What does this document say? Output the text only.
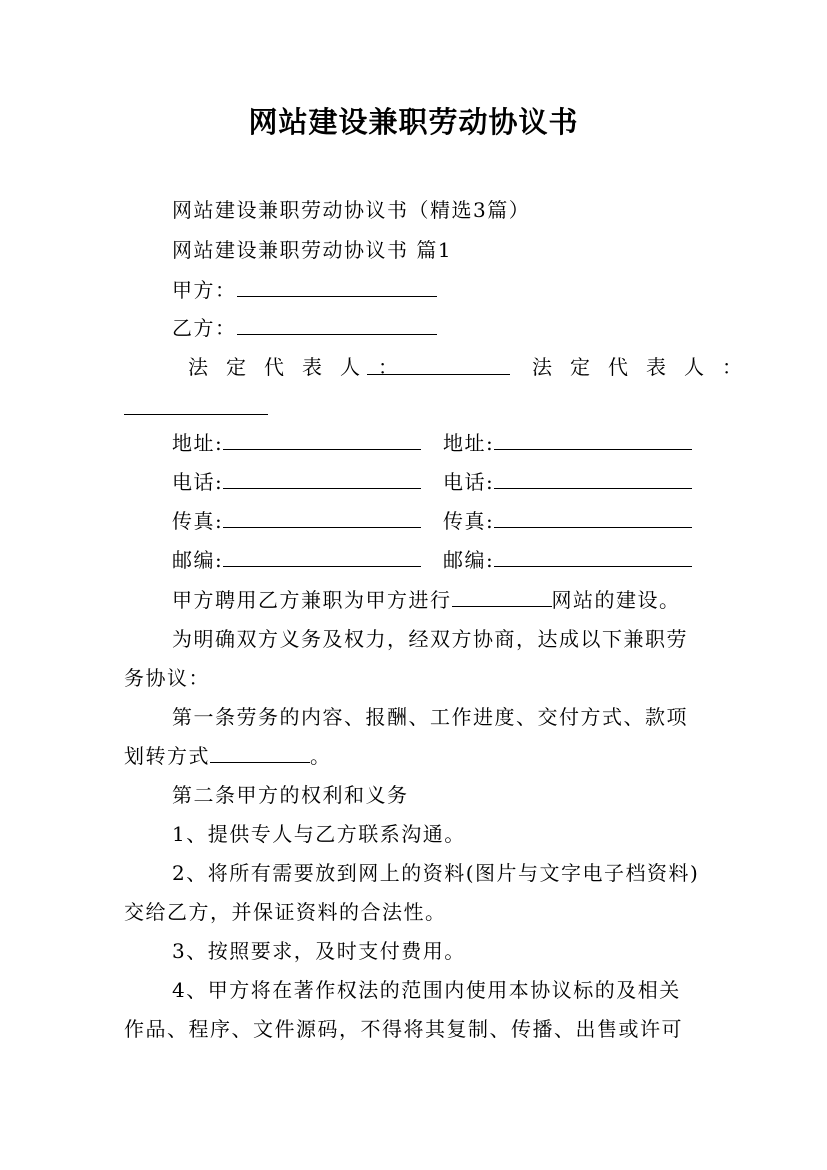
网站建设兼职劳动协议书
网站建设兼职劳动协议书（精选3篇）
网站建设兼职劳动协议书 篇1
甲方：
乙方：
法定代表人：	法定代表人：
地址:	地址:
电话:	电话:
传真:	传真:
邮编:	邮编:
甲方聘用乙方兼职为甲方进行	网站的建设。
为明确双方义务及权力，经双方协商，达成以下兼职劳
务协议：
第一条劳务的内容、报酬、工作进度、交付方式、款项
划转方式	。
第二条甲方的权利和义务
1、提供专人与乙方联系沟通。
2、将所有需要放到网上的资料(图片与文字电子档资料)
交给乙方，并保证资料的合法性。
3、按照要求，及时支付费用。
4、甲方将在著作权法的范围内使用本协议标的及相关
作品、程序、文件源码，不得将其复制、传播、出售或许可
